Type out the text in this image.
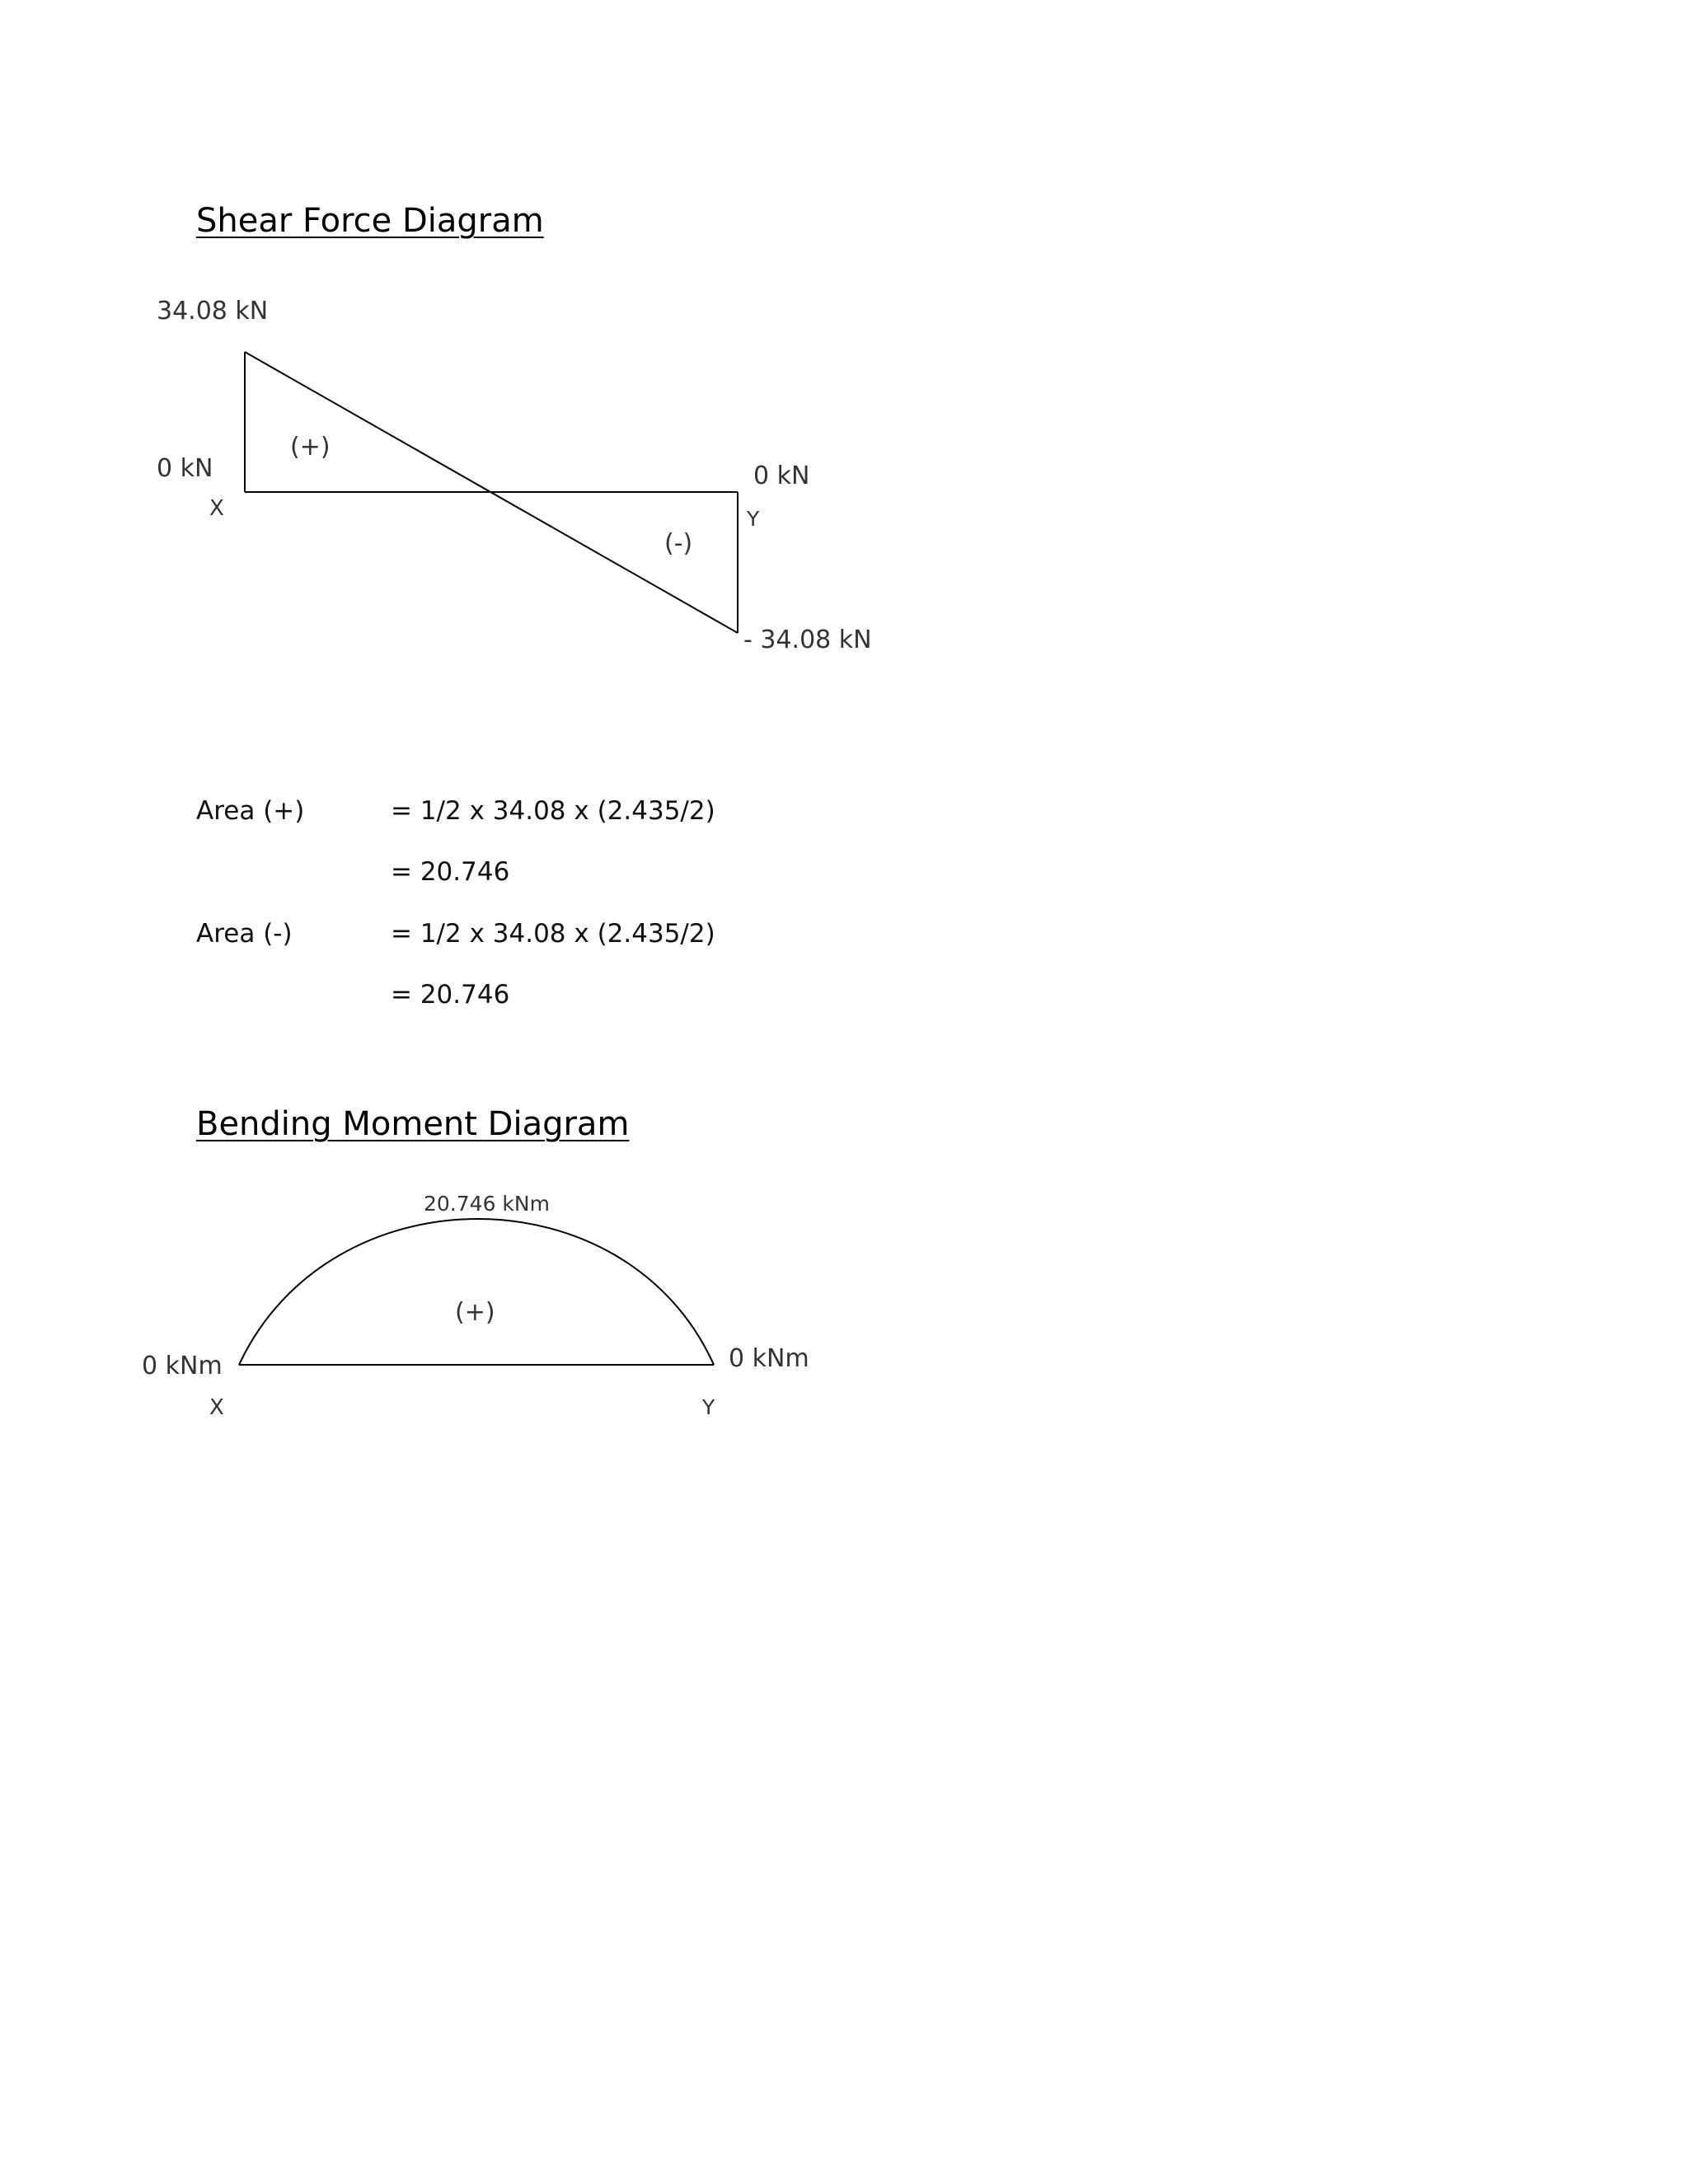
Shear Force Diagram
34.08 kN
0 kN
X
(+)
(-)
0 kN
Y
- 34.08 kN
Area (+)	= 1/2 x 34.08 x (2.435/2)
= 20.746
Area (-)	= 1/2 x 34.08 x (2.435/2)
= 20.746
Bending Moment Diagram
20.746 kNm
(+)
0 kNm
X
0 kNm
Y
